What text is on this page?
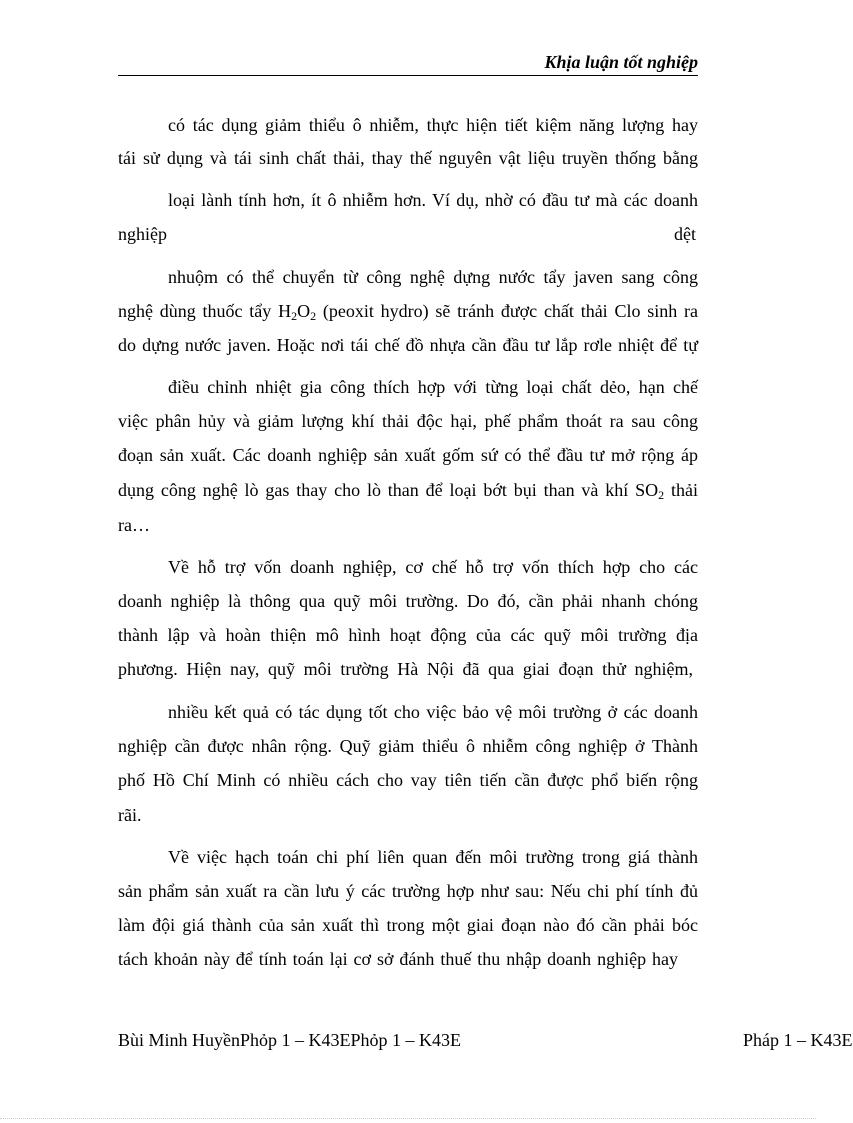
Khịa luận tốt nghiệp
có tác dụng giảm thiểu ô nhiễm, thực hiện tiết kiệm năng lượng hay
tái sử dụng và tái sinh chất thải, thay thế nguyên vật liệu truyền thống bằng
loại lành tính hơn, ít ô nhiễm hơn. Ví dụ, nhờ có đầu tư mà các doanh
nghiệp	dệt
nhuộm có thể chuyển từ công nghệ dựng nước tẩy javen sang công
nghệ dùng thuốc tẩy $H_2O_2$ (peoxit hydro) sẽ tránh được chất thải Clo sinh ra
do dựng nước javen. Hoặc nơi tái chế đồ nhựa cần đầu tư lắp rơle nhiệt để tự
điều chỉnh nhiệt gia công thích hợp với từng loại chất dẻo, hạn chế
việc phân hủy và giảm lượng khí thải độc hại, phế phẩm thoát ra sau công
đoạn sản xuất. Các doanh nghiệp sản xuất gốm sứ có thể đầu tư mở rộng áp
dụng công nghệ lò gas thay cho lò than để loại bớt bụi than và khí $SO_2$ thải
ra…
Về hỗ trợ vốn doanh nghiệp, cơ chế hỗ trợ vốn thích hợp cho các
doanh nghiệp là thông qua quỹ môi trường. Do đó, cần phải nhanh chóng
thành lập và hoàn thiện mô hình hoạt động của các quỹ môi trường địa
phương. Hiện nay, quỹ môi trường Hà Nội đã qua giai đoạn thử nghiệm,
nhiều kết quả có tác dụng tốt cho việc bảo vệ môi trường ở các doanh
nghiệp cần được nhân rộng. Quỹ giảm thiểu ô nhiễm công nghiệp ở Thành
phố Hồ Chí Minh có nhiều cách cho vay tiên tiến cần được phổ biến rộng
rãi.
Về việc hạch toán chi phí liên quan đến môi trường trong giá thành
sản phẩm sản xuất ra cần lưu ý các trường hợp như sau: Nếu chi phí tính đủ
làm đội giá thành của sản xuất thì trong một giai đoạn nào đó cần phải bóc
tách khoản này để tính toán lại cơ sở đánh thuế thu nhập doanh nghiệp hay
Bùi Minh HuyềnPhỏp 1 – K43EPhỏp 1 – K43E	Pháp 1 – K43E
